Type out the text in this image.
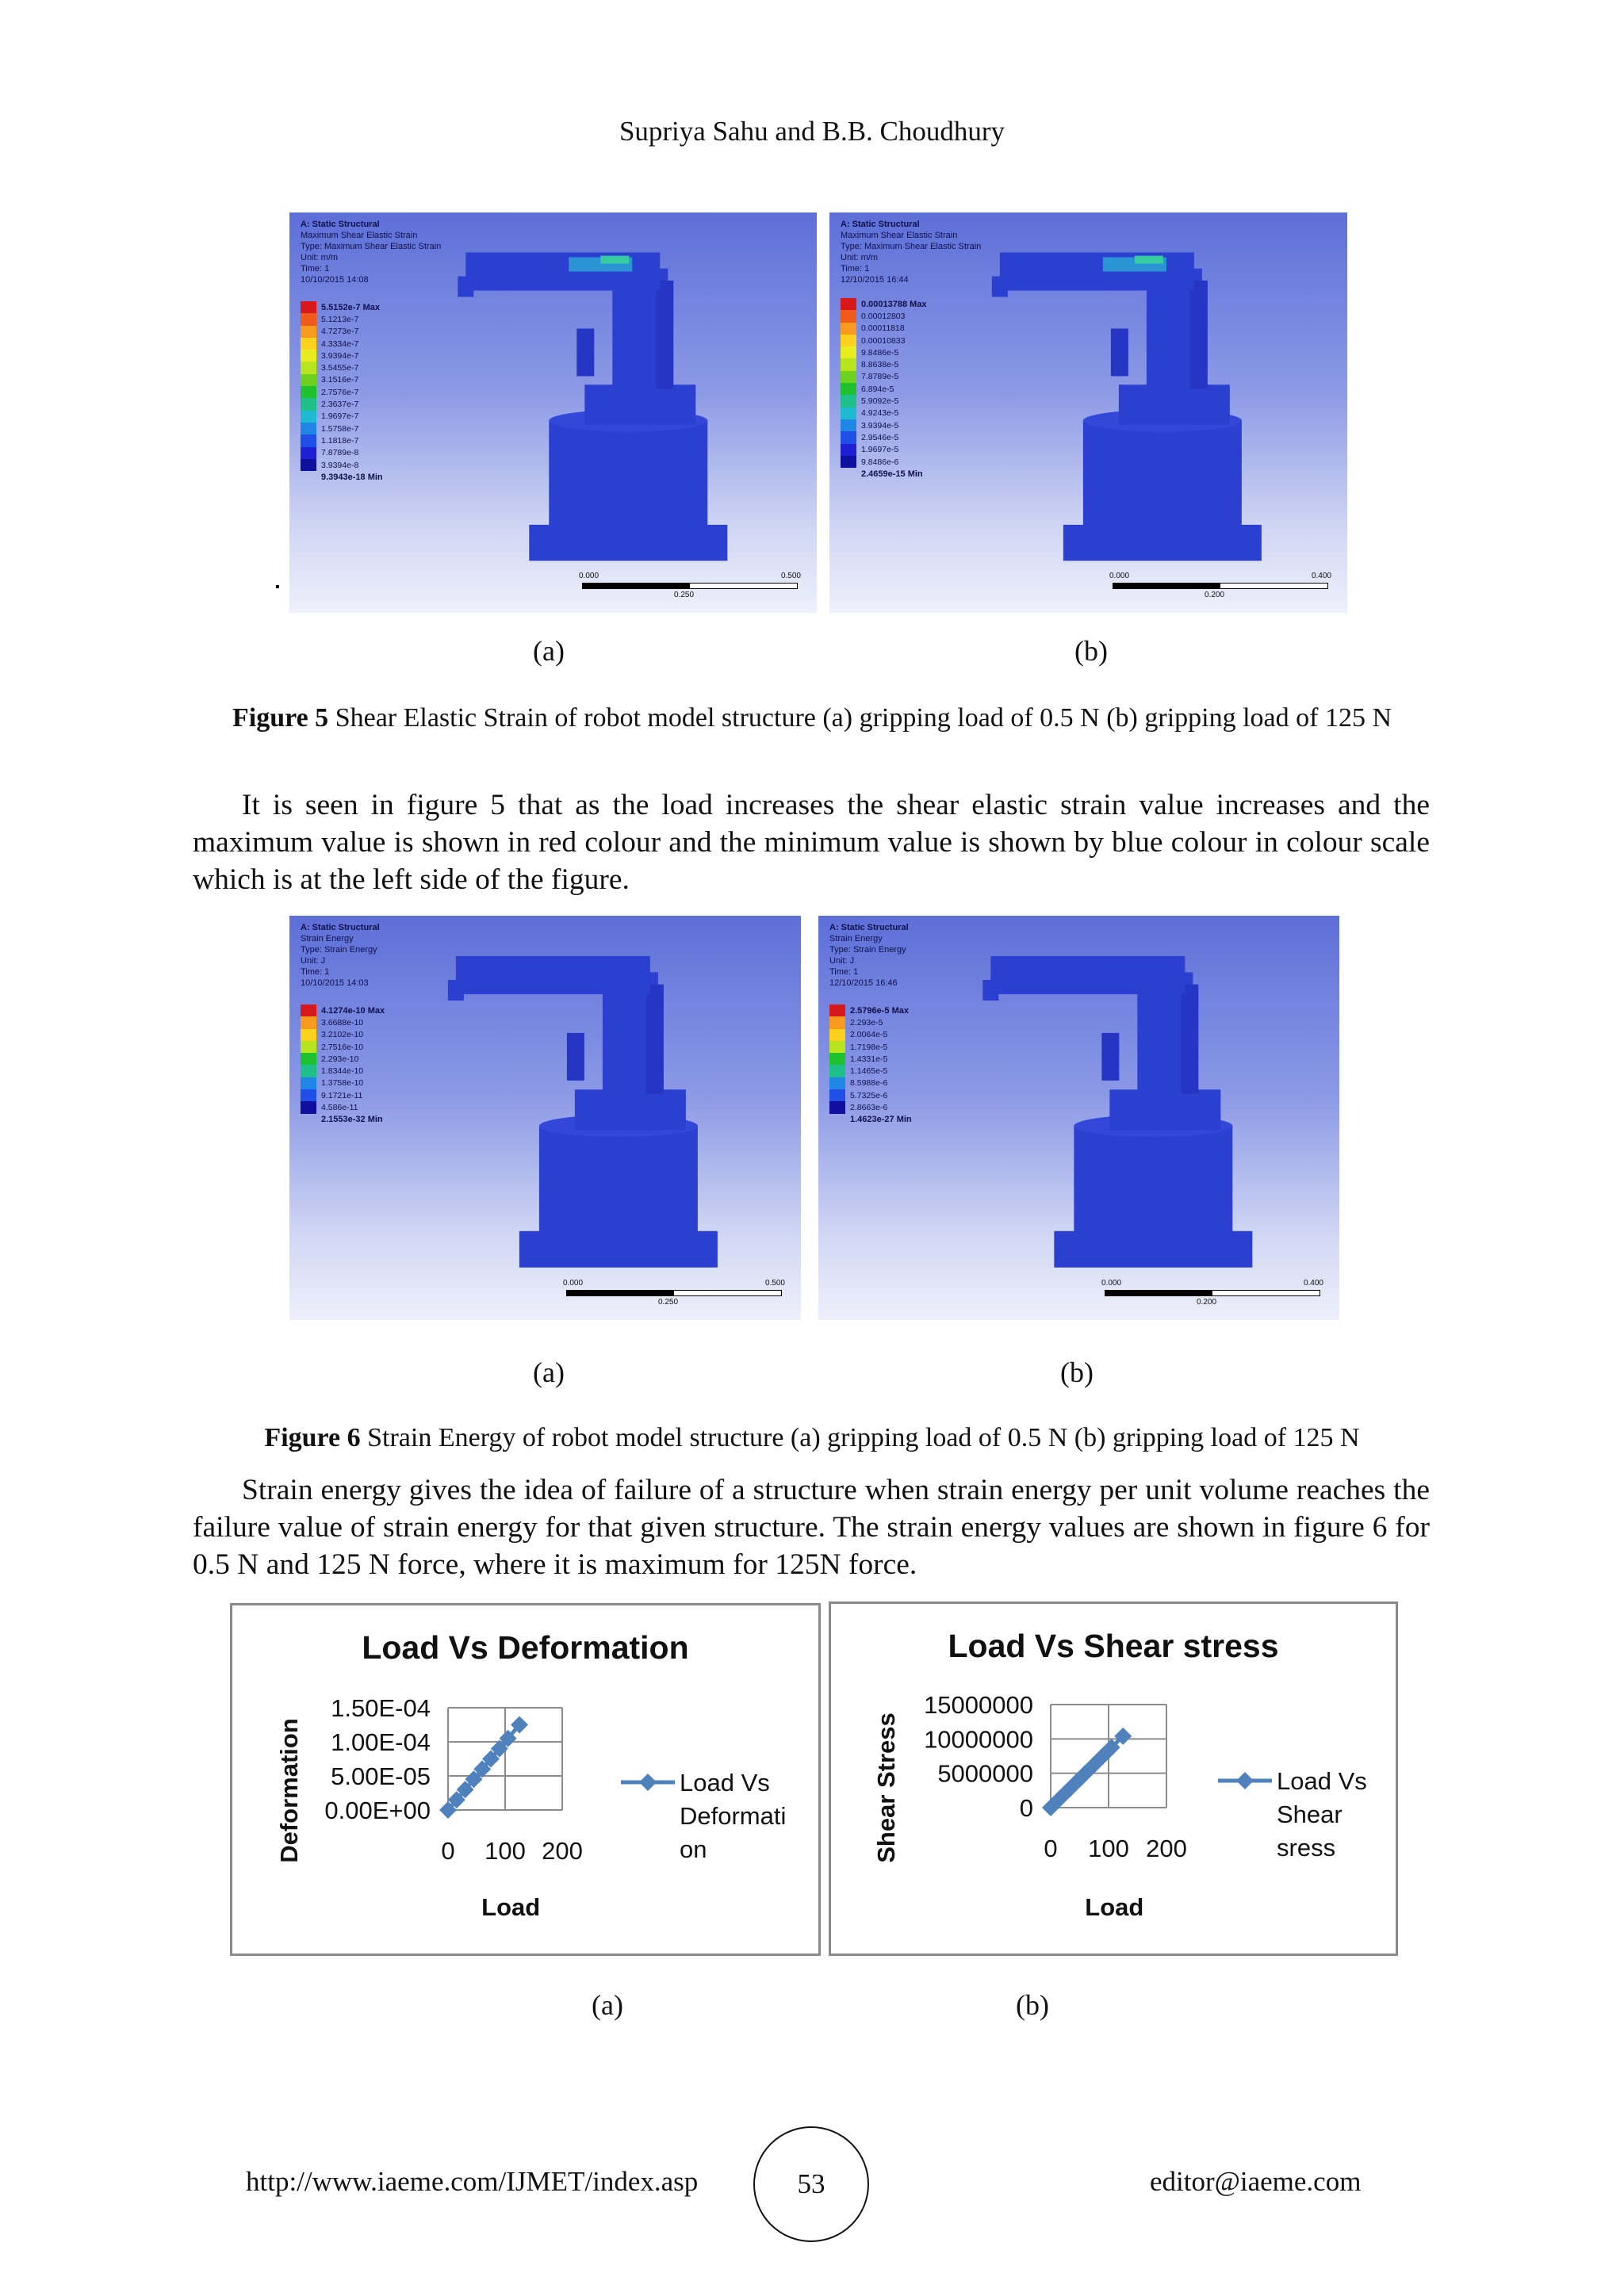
Supriya Sahu and B.B. Choudhury
A: Static Structural
Maximum Shear Elastic Strain
Type: Maximum Shear Elastic Strain
Unit: m/m
Time: 1
10/10/2015 14:08
5.5152e-7 Max
5.1213e-7
4.7273e-7
4.3334e-7
3.9394e-7
3.5455e-7
3.1516e-7
2.7576e-7
2.3637e-7
1.9697e-7
1.5758e-7
1.1818e-7
7.8789e-8
3.9394e-8
9.3943e-18 Min
0.000	0.500
0.250
A: Static Structural
Maximum Shear Elastic Strain
Type: Maximum Shear Elastic Strain
Unit: m/m
Time: 1
12/10/2015 16:44
0.00013788 Max
0.00012803
0.00011818
0.00010833
9.8486e-5
8.8638e-5
7.8789e-5
6.894e-5
5.9092e-5
4.9243e-5
3.9394e-5
2.9546e-5
1.9697e-5
9.8486e-6
2.4659e-15 Min
0.000	0.400
0.200
(a)	(b)
Figure 5 Shear Elastic Strain of robot model structure (a) gripping load of 0.5 N (b) gripping load of 125 N
It is seen in figure 5 that as the load increases the shear elastic strain value increases and the maximum value is shown in red colour and the minimum value is shown by blue colour in colour scale which is at the left side of the figure.
A: Static Structural
Strain Energy
Type: Strain Energy
Unit: J
Time: 1
10/10/2015 14:03
4.1274e-10 Max
3.6688e-10
3.2102e-10
2.7516e-10
2.293e-10
1.8344e-10
1.3758e-10
9.1721e-11
4.586e-11
2.1553e-32 Min
0.000	0.500
0.250
A: Static Structural
Strain Energy
Type: Strain Energy
Unit: J
Time: 1
12/10/2015 16:46
2.5796e-5 Max
2.293e-5
2.0064e-5
1.7198e-5
1.4331e-5
1.1465e-5
8.5988e-6
5.7325e-6
2.8663e-6
1.4623e-27 Min
0.000	0.400
0.200
(a)	(b)
Figure 6 Strain Energy of robot model structure (a) gripping load of 0.5 N (b) gripping load of 125 N
Strain energy gives the idea of failure of a structure when strain energy per unit volume reaches the failure value of strain energy for that given structure. The strain energy values are shown in figure 6 for 0.5 N and 125 N force, where it is maximum for 125N force.
Load Vs Deformation
0.00E+00
5.00E-05
1.00E-04
1.50E-04
0 100 200
Load
Deformation	Load Vs
Deformati
on
Load Vs Shear stress
0
5000000
10000000
15000000
0 100 200
Load
Shear Stress	Load Vs
Shear
sress
(a)	(b)
http://www.iaeme.com/IJMET/index.asp	53	editor@iaeme.com
